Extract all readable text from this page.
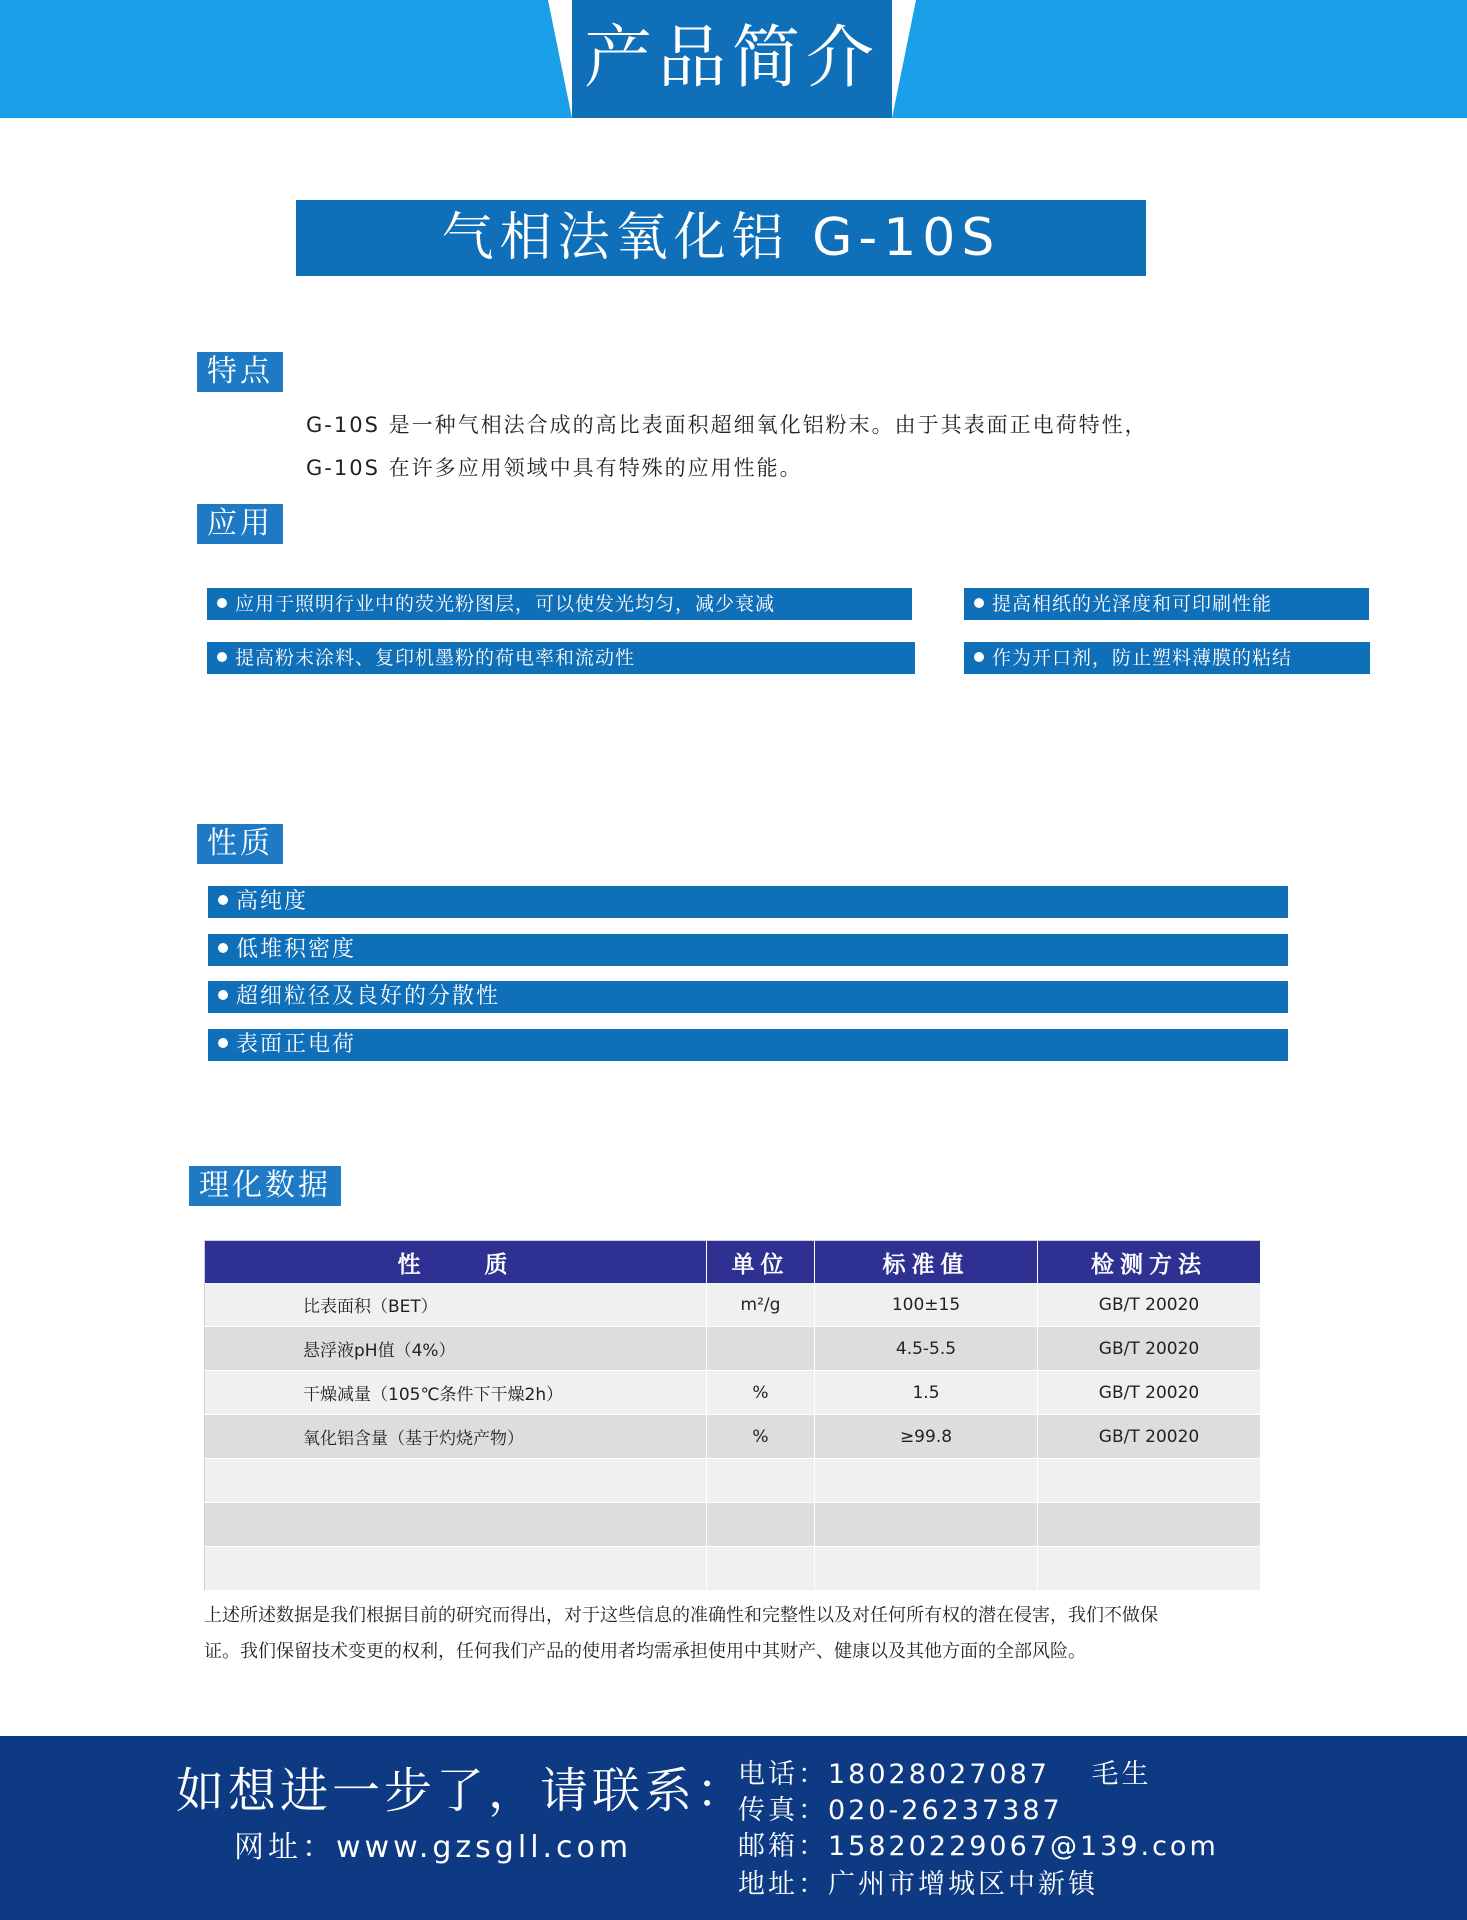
产品简介
气相法氧化铝 G-10S
特点
G-10S 是一种气相法合成的高比表面积超细氧化铝粉末。由于其表面正电荷特性，
G-10S 在许多应用领域中具有特殊的应用性能。
应用
应用于照明行业中的荧光粉图层，可以使发光均匀，减少衰减	提高相纸的光泽度和可印刷性能
提高粉末涂料、复印机墨粉的荷电率和流动性	作为开口剂，防止塑料薄膜的粘结
性质
高纯度
低堆积密度
超细粒径及良好的分散性
表面正电荷
理化数据
性　　质	单位	标准值	检测方法
比表面积（BET）	m²/g	100±15	GB/T 20020
悬浮液pH值（4%）		4.5-5.5	GB/T 20020
干燥减量（105℃条件下干燥2h）	%	1.5	GB/T 20020
氧化铝含量（基于灼烧产物）	%	≥99.8	GB/T 20020

上述所述数据是我们根据目前的研究而得出，对于这些信息的准确性和完整性以及对任何所有权的潜在侵害，我们不做保
证。我们保留技术变更的权利，任何我们产品的使用者均需承担使用中其财产、健康以及其他方面的全部风险。
如想进一步了，请联系：
网址：www.gzsgll.com
电话：18028027087　 毛生
传真：020-26237387
邮箱：15820229067@139.com
地址：广州市增城区中新镇
